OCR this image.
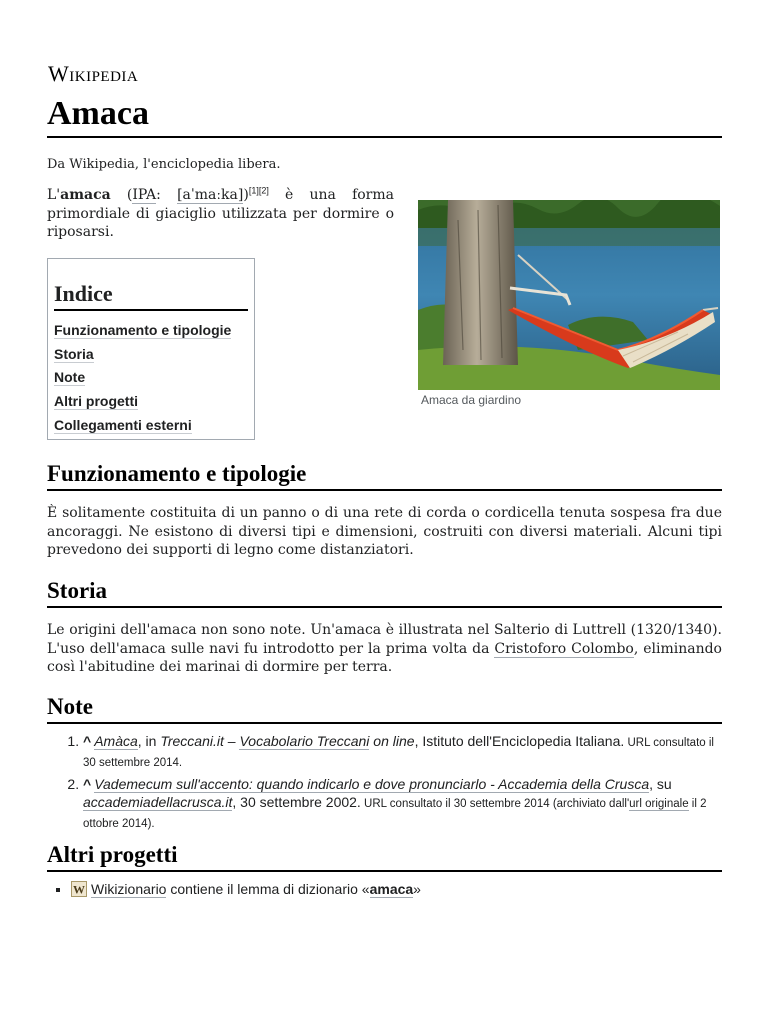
Wikipedia
Amaca
Da Wikipedia, l'enciclopedia libera.

L'amaca (IPA: [aˈmaːka])[1][2] è una forma primordiale di giaciglio utilizzata per dormire o riposarsi.

Indice
Funzionamento e tipologie
Storia
Note
Altri progetti
Collegamenti esterni
Amaca da giardino
Funzionamento e tipologie

È solitamente costituita di un panno o di una rete di corda o cordicella tenuta sospesa fra due ancoraggi. Ne esistono di diversi tipi e dimensioni, costruiti con diversi materiali. Alcuni tipi prevedono dei supporti di legno come distanziatori.

Storia

Le origini dell'amaca non sono note. Un'amaca è illustrata nel Salterio di Luttrell (1320/1340). L'uso dell'amaca sulle navi fu introdotto per la prima volta da Cristoforo Colombo, eliminando così l'abitudine dei marinai di dormire per terra.

Note
1. ^ Amàca, in Treccani.it – Vocabolario Treccani on line, Istituto dell'Enciclopedia Italiana. URL consultato il 30 settembre 2014.
2. ^ Vademecum sull'accento: quando indicarlo e dove pronunciarlo - Accademia della Crusca, su accademiadellacrusca.it, 30 settembre 2002. URL consultato il 30 settembre 2014 (archiviato dall'url originale il 2 ottobre 2014).
Altri progetti
▪ W Wikizionario contiene il lemma di dizionario «amaca»
